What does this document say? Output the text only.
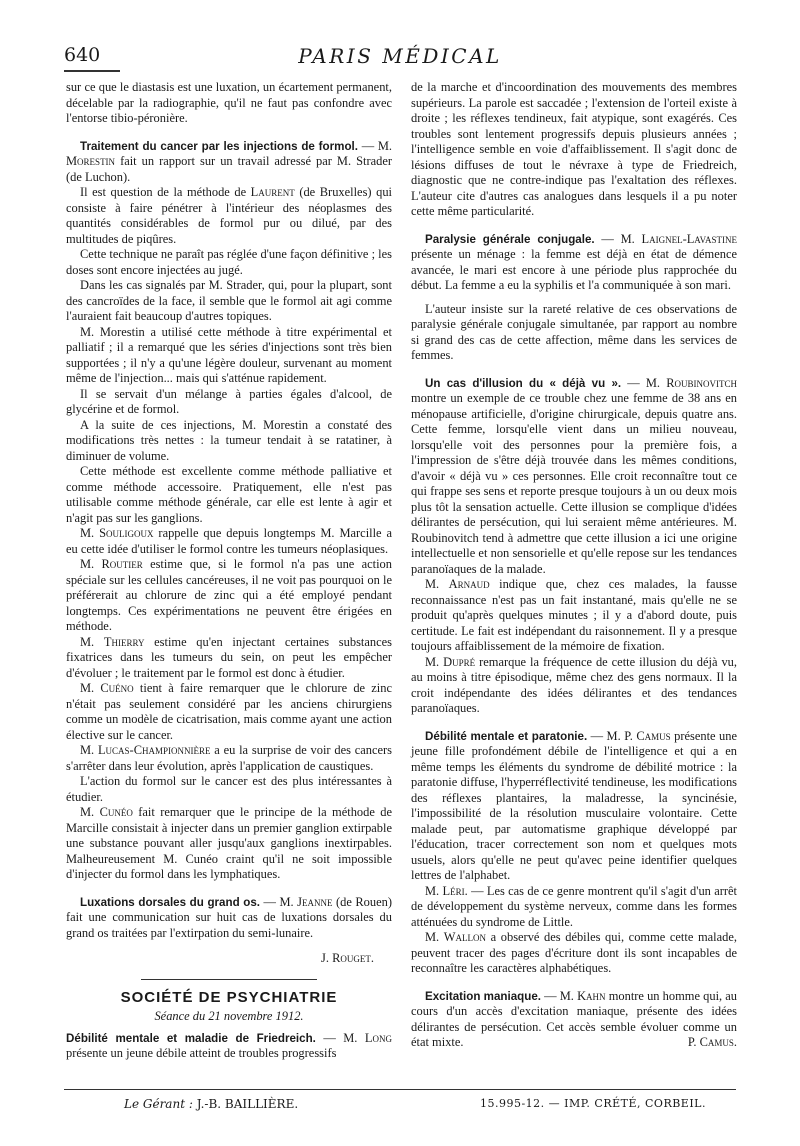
640	PARIS MÉDICAL

sur ce que le diastasis est une luxation, un écartement permanent, décelable par la radiographie, qu'il ne faut pas confondre avec l'entorse tibio-péronière.

Traitement du cancer par les injections de formol. — M. Morestin fait un rapport sur un travail adressé par M. Strader (de Luchon).

Il est question de la méthode de Laurent (de Bruxelles) qui consiste à faire pénétrer à l'intérieur des néoplasmes des quantités considérables de formol pur ou dilué, par des multitudes de piqûres.

Cette technique ne paraît pas réglée d'une façon définitive ; les doses sont encore injectées au jugé.

Dans les cas signalés par M. Strader, qui, pour la plupart, sont des cancroïdes de la face, il semble que le formol ait agi comme l'auraient fait beaucoup d'autres topiques.

M. Morestin a utilisé cette méthode à titre expérimental et palliatif ; il a remarqué que les séries d'injections sont très bien supportées ; il n'y a qu'une légère douleur, survenant au moment même de l'injection... mais qui s'atténue rapidement.

Il se servait d'un mélange à parties égales d'alcool, de glycérine et de formol.

A la suite de ces injections, M. Morestin a constaté des modifications très nettes : la tumeur tendait à se ratatiner, à diminuer de volume.

Cette méthode est excellente comme méthode palliative et comme méthode accessoire. Pratiquement, elle n'est pas utilisable comme méthode générale, car elle est lente à agir et n'agit pas sur les ganglions.

M. Souligoux rappelle que depuis longtemps M. Marcille a eu cette idée d'utiliser le formol contre les tumeurs néoplasiques.

M. Routier estime que, si le formol n'a pas une action spéciale sur les cellules cancéreuses, il ne voit pas pourquoi on le préférerait au chlorure de zinc qui a été employé pendant longtemps. Ces expérimentations ne peuvent être érigées en méthode.

M. Thierry estime qu'en injectant certaines substances fixatrices dans les tumeurs du sein, on peut les empêcher d'évoluer ; le traitement par le formol est donc à étudier.

M. Cuéno tient à faire remarquer que le chlorure de zinc n'était pas seulement considéré par les anciens chirurgiens comme un modèle de cicatrisation, mais comme ayant une action élective sur le cancer.

M. Lucas-Championnière a eu la surprise de voir des cancers s'arrêter dans leur évolution, après l'application de caustiques.

L'action du formol sur le cancer est des plus intéressantes à étudier.

M. Cunéo fait remarquer que le principe de la méthode de Marcille consistait à injecter dans un premier ganglion extirpable une substance pouvant aller jusqu'aux ganglions inextirpables. Malheureusement M. Cunéo craint qu'il ne soit impossible d'injecter du formol dans les lymphatiques.

Luxations dorsales du grand os. — M. Jeanne (de Rouen) fait une communication sur huit cas de luxations dorsales du grand os traitées par l'extirpation du semi-lunaire.

J. Rouget.

SOCIÉTÉ DE PSYCHIATRIE
Séance du 21 novembre 1912.

Débilité mentale et maladie de Friedreich. — M. Long présente un jeune débile atteint de troubles progressifs

de la marche et d'incoordination des mouvements des membres supérieurs. La parole est saccadée ; l'extension de l'orteil existe à droite ; les réflexes tendineux, fait atypique, sont exagérés. Ces troubles sont lentement progressifs depuis plusieurs années ; l'intelligence semble en voie d'affaiblissement. Il s'agit donc de lésions diffuses de tout le névraxe à type de Friedreich, diagnostic que ne contre-indique pas l'exaltation des réflexes. L'auteur cite d'autres cas analogues dans lesquels il a pu noter cette même particularité.

Paralysie générale conjugale. — M. Laignel-Lavastine présente un ménage : la femme est déjà en état de démence avancée, le mari est encore à une période plus rapprochée du début. La femme a eu la syphilis et l'a communiquée à son mari.

L'auteur insiste sur la rareté relative de ces observations de paralysie générale conjugale simultanée, par rapport au nombre si grand des cas de cette affection, même dans les services de femmes.

Un cas d'illusion du « déjà vu ». — M. Roubinovitch montre un exemple de ce trouble chez une femme de 38 ans en ménopause artificielle, d'origine chirurgicale, depuis quatre ans. Cette femme, lorsqu'elle vient dans un milieu nouveau, lorsqu'elle voit des personnes pour la première fois, a l'impression de s'être déjà trouvée dans les mêmes conditions, d'avoir « déjà vu » ces personnes. Elle croit reconnaître tout ce qui frappe ses sens et reporte presque toujours à un ou deux mois plus tôt la sensation actuelle. Cette illusion se complique d'idées délirantes de persécution, qui lui seraient même antérieures. M. Roubinovitch tend à admettre que cette illusion a ici une origine intellectuelle et non sensorielle et qu'elle repose sur les tendances paranoïaques de la malade.

M. Arnaud indique que, chez ces malades, la fausse reconnaissance n'est pas un fait instantané, mais qu'elle ne se produit qu'après quelques minutes ; il y a d'abord doute, puis certitude. Le fait est indépendant du raisonnement. Il y a presque toujours affaiblissement de la mémoire de fixation.

M. Dupré remarque la fréquence de cette illusion du déjà vu, au moins à titre épisodique, même chez des gens normaux. Il la croit indépendante des idées délirantes et des tendances paranoïaques.

Débilité mentale et paratonie. — M. P. Camus présente une jeune fille profondément débile de l'intelligence et qui a en même temps les éléments du syndrome de débilité motrice : la paratonie diffuse, l'hyperréflectivité tendineuse, les modifications des réflexes plantaires, la maladresse, la syncinésie, l'impossibilité de la résolution musculaire volontaire. Cette malade peut, par automatisme graphique développé par l'éducation, tracer correctement son nom et quelques mots usuels, alors qu'elle ne peut qu'avec peine identifier quelques lettres de l'alphabet.

M. Léri. — Les cas de ce genre montrent qu'il s'agit d'un arrêt de développement du système nerveux, comme dans les formes atténuées du syndrome de Little.

M. Wallon a observé des débiles qui, comme cette malade, peuvent tracer des pages d'écriture dont ils sont incapables de reconnaître les caractères alphabétiques.

Excitation maniaque. — M. Kahn montre un homme qui, au cours d'un accès d'excitation maniaque, présente des idées délirantes de persécution. Cet accès semble évoluer comme un état mixte.	P. Camus.

Le Gérant : J.-B. BAILLIÈRE.	15.995-12. — IMP. CRÉTÉ, CORBEIL.
